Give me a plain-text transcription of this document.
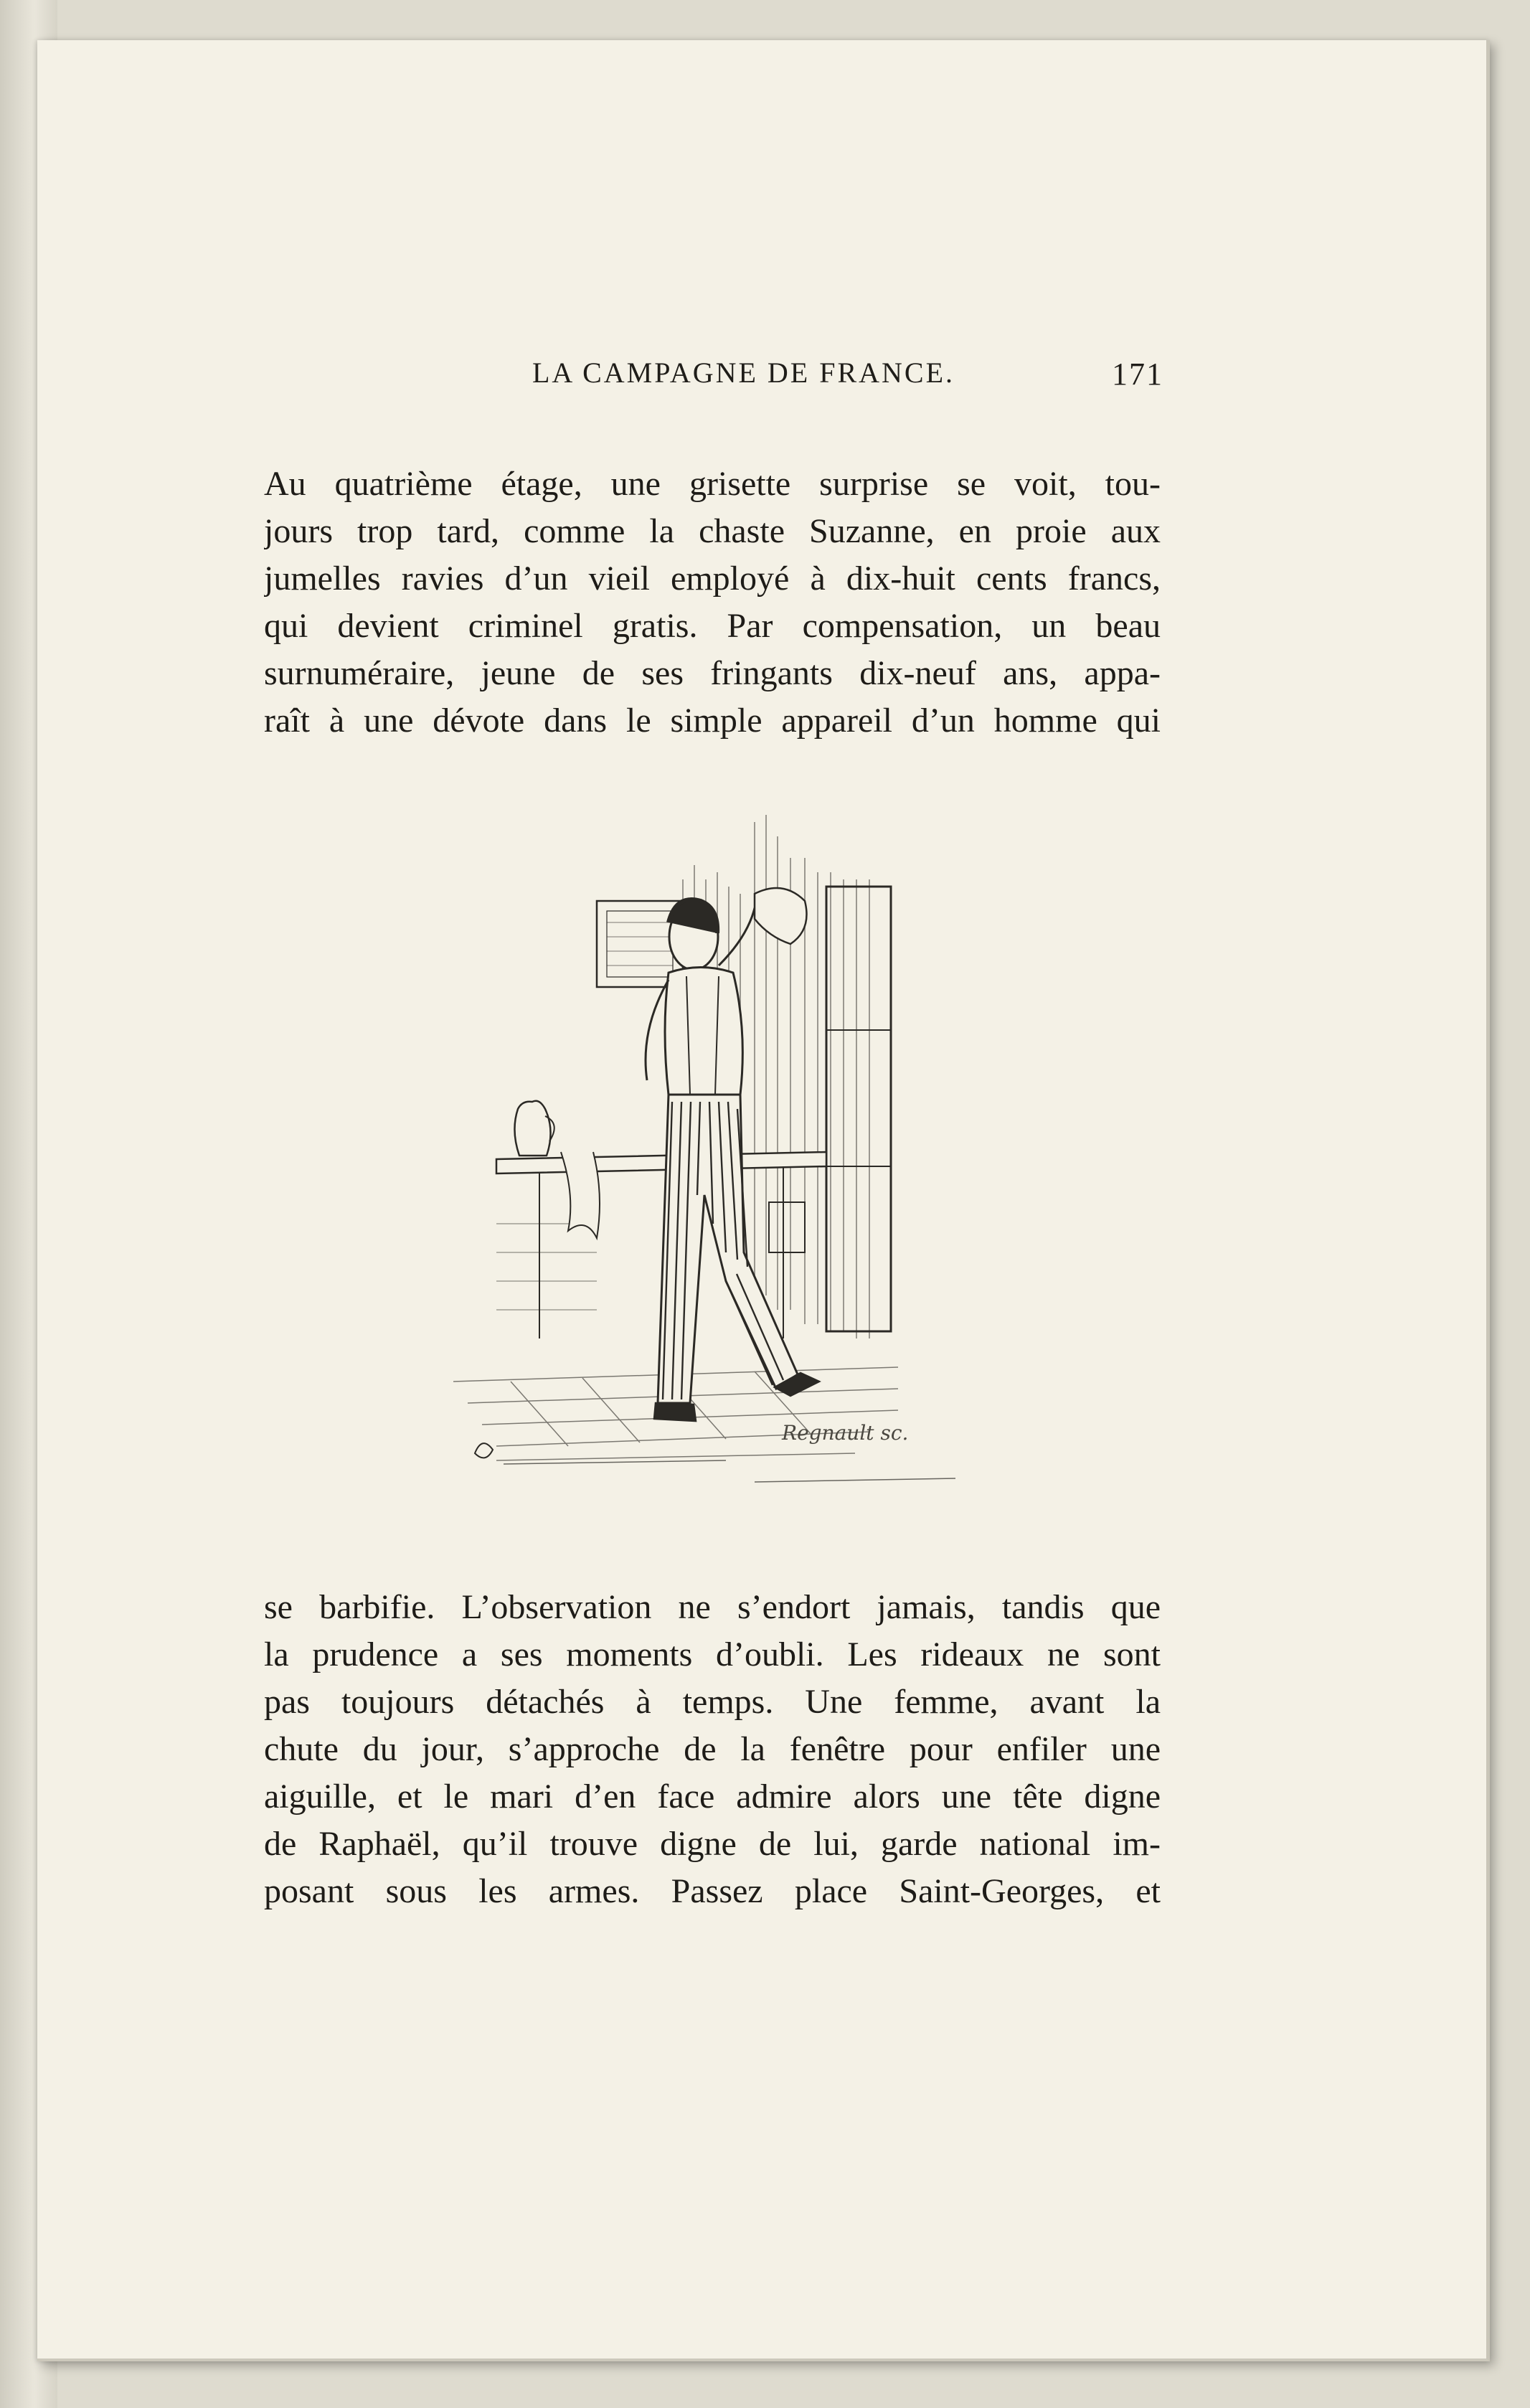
LA CAMPAGNE DE FRANCE.	171
Au quatrième étage, une grisette surprise se voit, tou-
jours trop tard, comme la chaste Suzanne, en proie aux
jumelles ravies d’un vieil employé à dix-huit cents francs,
qui devient criminel gratis. Par compensation, un beau
surnuméraire, jeune de ses fringants dix-neuf ans, appa-
raît à une dévote dans le simple appareil d’un homme qui
Regnault sc.
se barbifie. L’observation ne s’endort jamais, tandis que
la prudence a ses moments d’oubli. Les rideaux ne sont
pas toujours détachés à temps. Une femme, avant la
chute du jour, s’approche de la fenêtre pour enfiler une
aiguille, et le mari d’en face admire alors une tête digne
de Raphaël, qu’il trouve digne de lui, garde national im-
posant sous les armes. Passez place Saint-Georges, et
